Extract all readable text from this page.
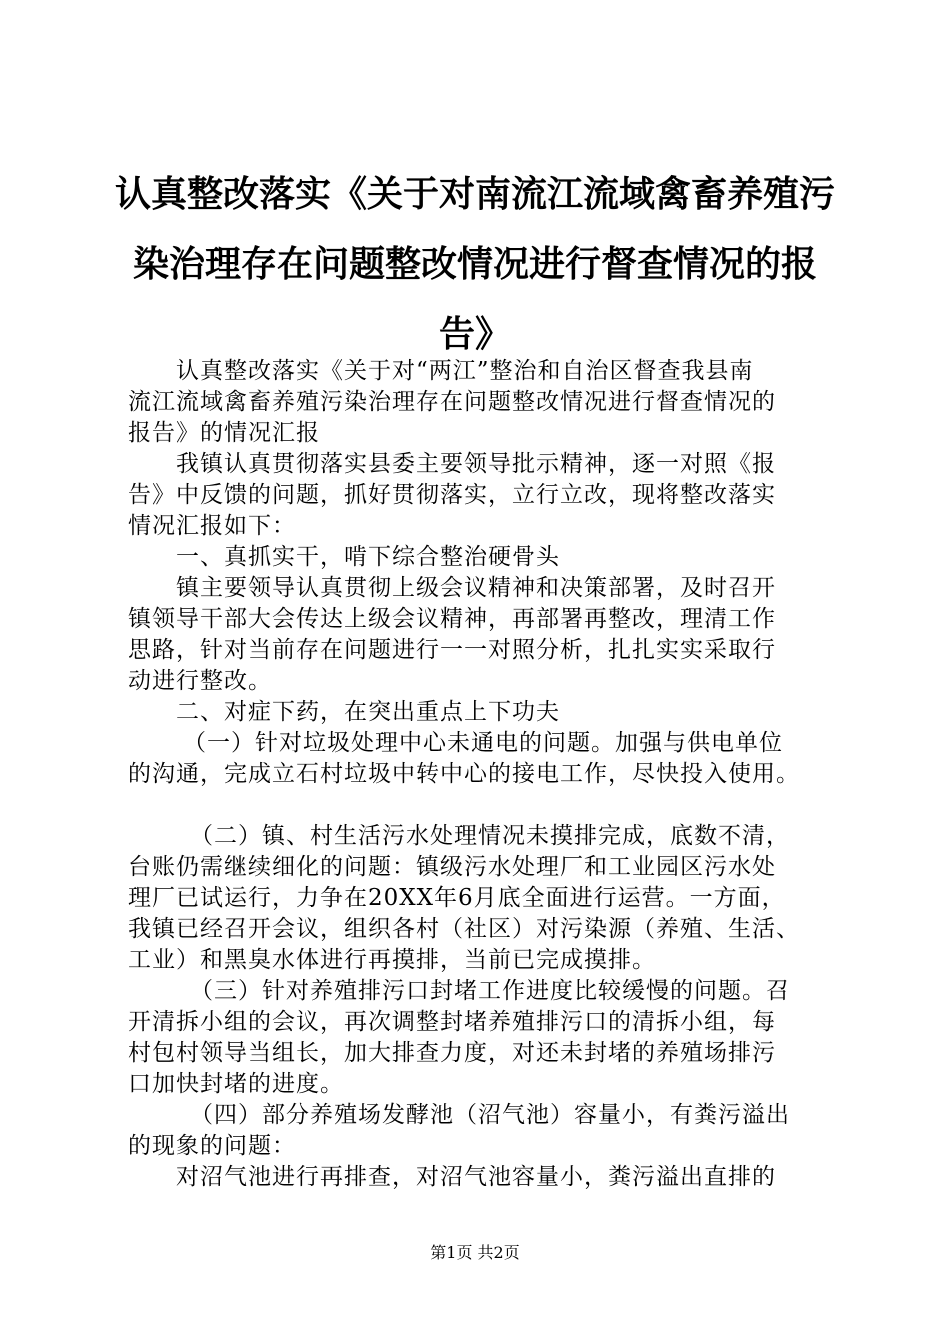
认真整改落实《关于对南流江流域禽畜养殖污
染治理存在问题整改情况进行督查情况的报
告》
认真整改落实《关于对“两江”整治和自治区督查我县南
流江流域禽畜养殖污染治理存在问题整改情况进行督查情况的
报告》的情况汇报
我镇认真贯彻落实县委主要领导批示精神，逐一对照《报
告》中反馈的问题，抓好贯彻落实，立行立改，现将整改落实
情况汇报如下：
一、真抓实干，啃下综合整治硬骨头
镇主要领导认真贯彻上级会议精神和决策部署，及时召开
镇领导干部大会传达上级会议精神，再部署再整改，理清工作
思路，针对当前存在问题进行一一对照分析，扎扎实实采取行
动进行整改。
二、对症下药，在突出重点上下功夫
（一）针对垃圾处理中心未通电的问题。加强与供电单位
的沟通，完成立石村垃圾中转中心的接电工作，尽快投入使用。
（二）镇、村生活污水处理情况未摸排完成，底数不清，
台账仍需继续细化的问题：镇级污水处理厂和工业园区污水处
理厂已试运行，力争在20XX年6月底全面进行运营。一方面，
我镇已经召开会议，组织各村（社区）对污染源（养殖、生活、
工业）和黑臭水体进行再摸排，当前已完成摸排。
（三）针对养殖排污口封堵工作进度比较缓慢的问题。召
开清拆小组的会议，再次调整封堵养殖排污口的清拆小组，每
村包村领导当组长，加大排查力度，对还未封堵的养殖场排污
口加快封堵的进度。
（四）部分养殖场发酵池（沼气池）容量小，有粪污溢出
的现象的问题：
对沼气池进行再排查，对沼气池容量小，粪污溢出直排的
第1页 共2页
